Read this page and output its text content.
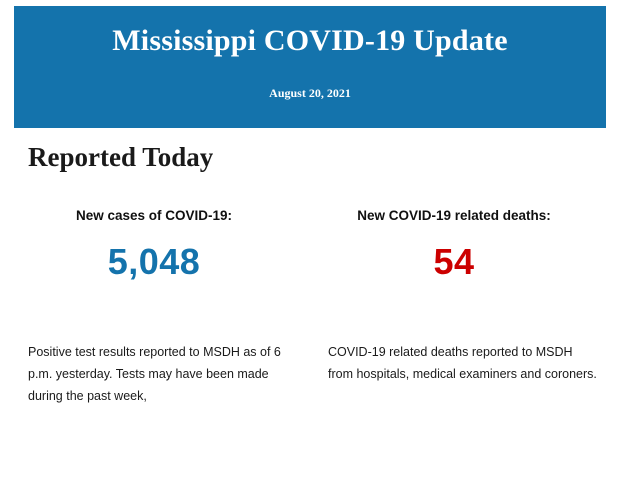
Mississippi COVID-19 Update
August 20, 2021
Reported Today
New cases of COVID-19:
5,048
New COVID-19 related deaths:
54
Positive test results reported to MSDH as of 6 p.m. yesterday. Tests may have been made during the past week,
COVID-19 related deaths reported to MSDH from hospitals, medical examiners and coroners.
